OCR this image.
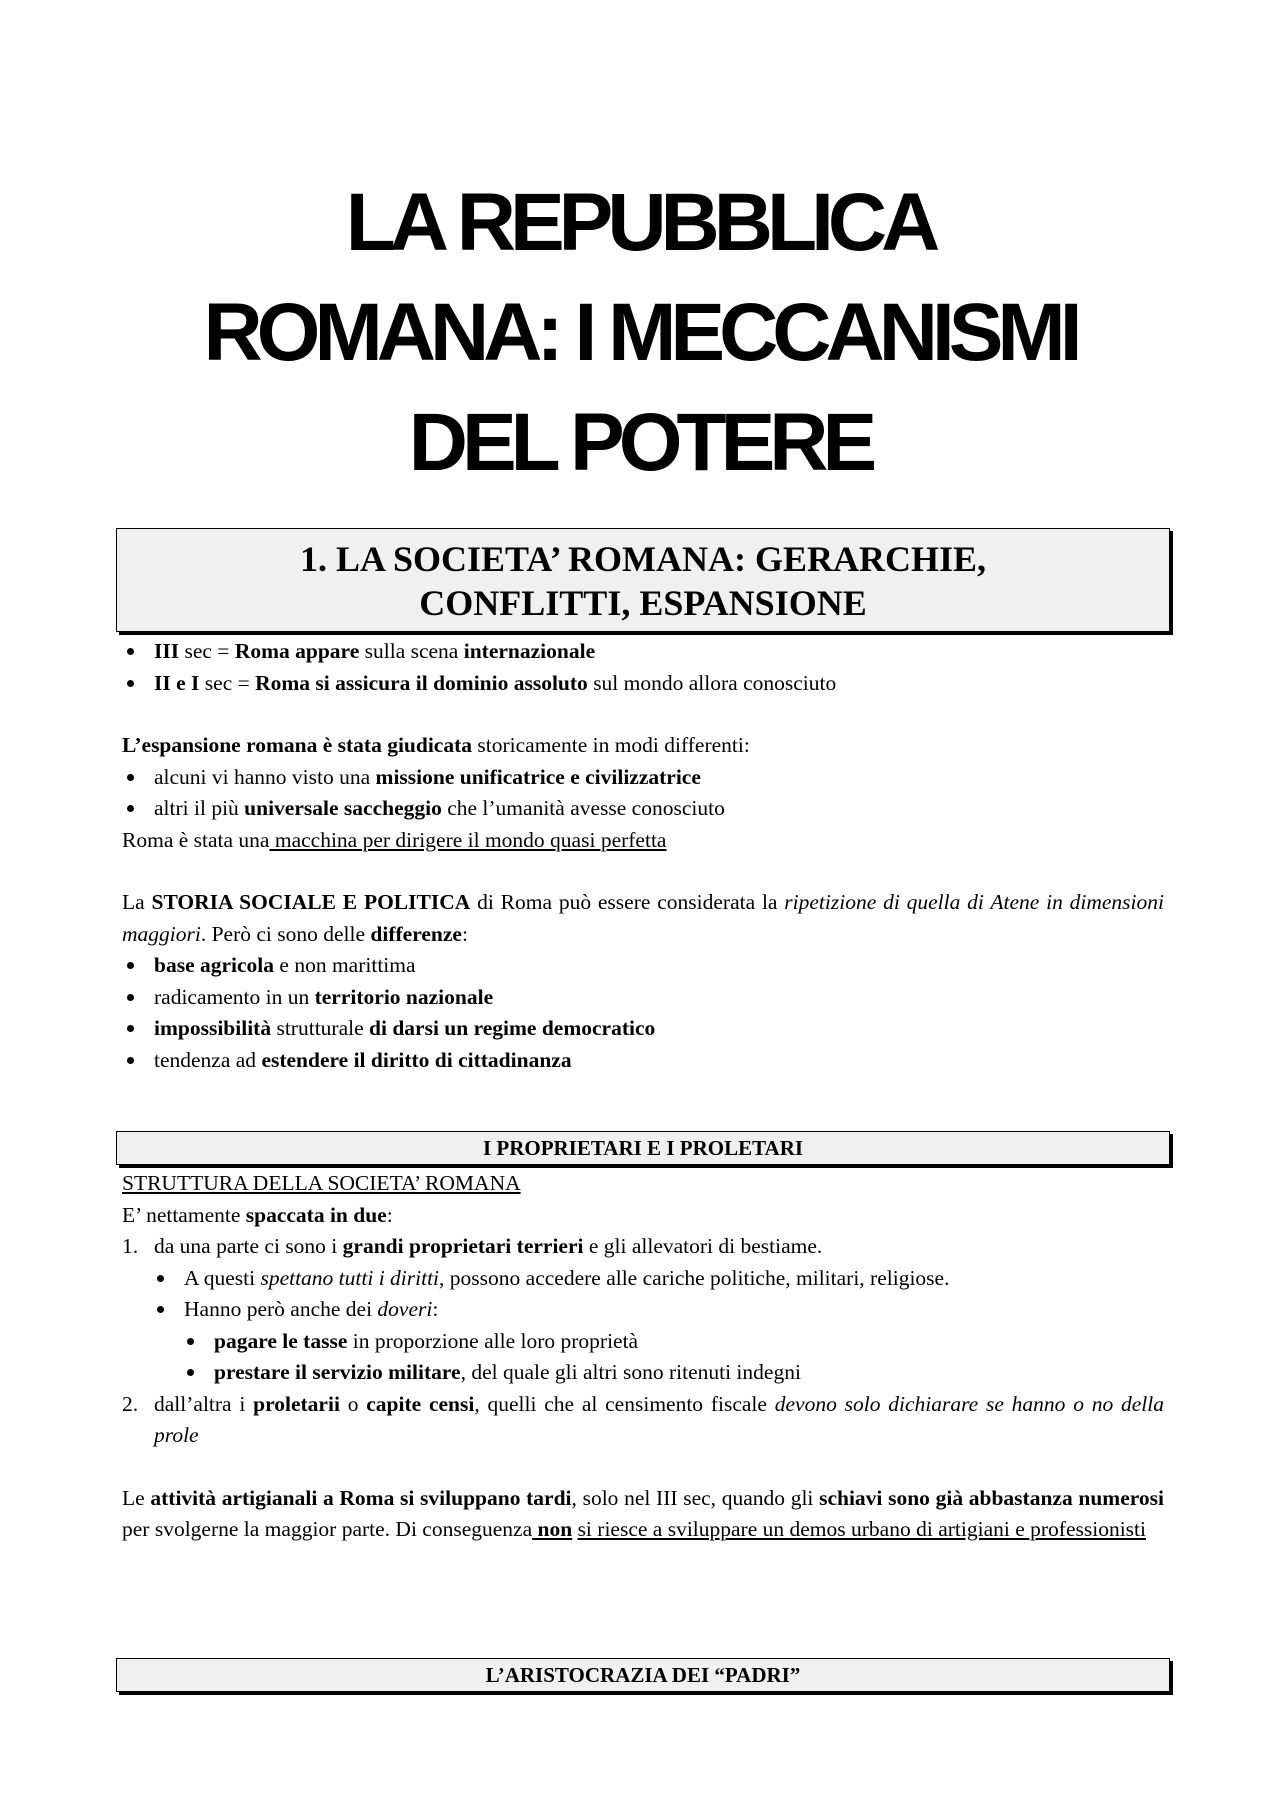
LA REPUBBLICA
ROMANA: I MECCANISMI
DEL POTERE
1. LA SOCIETA’ ROMANA: GERARCHIE,
CONFLITTI, ESPANSIONE
III sec = Roma appare sulla scena internazionale
II e I sec = Roma si assicura il dominio assoluto sul mondo allora conosciuto

L’espansione romana è stata giudicata storicamente in modi differenti:

alcuni vi hanno visto una missione unificatrice e civilizzatrice
altri il più universale saccheggio che l’umanità avesse conosciuto

Roma è stata una macchina per dirigere il mondo quasi perfetta

La STORIA SOCIALE E POLITICA di Roma può essere considerata la ripetizione di quella di Atene in dimensioni maggiori. Però ci sono delle differenze:

base agricola e non marittima
radicamento in un territorio nazionale
impossibilità strutturale di darsi un regime democratico
tendenza ad estendere il diritto di cittadinanza
I PROPRIETARI E I PROLETARI

STRUTTURA DELLA SOCIETA’ ROMANA

E’ nettamente spaccata in due:

1. da una parte ci sono i grandi proprietari terrieri e gli allevatori di bestiame.
A questi spettano tutti i diritti, possono accedere alle cariche politiche, militari, religiose.
Hanno però anche dei doveri:
pagare le tasse in proporzione alle loro proprietà
prestare il servizio militare, del quale gli altri sono ritenuti indegni
2. dall’altra i proletarii o capite censi, quelli che al censimento fiscale devono solo dichiarare se hanno o no della prole

Le attività artigianali a Roma si sviluppano tardi, solo nel III sec, quando gli schiavi sono già abbastanza numerosi per svolgerne la maggior parte. Di conseguenza non si riesce a sviluppare un demos urbano di artigiani e professionisti

L’ARISTOCRAZIA DEI “PADRI”
